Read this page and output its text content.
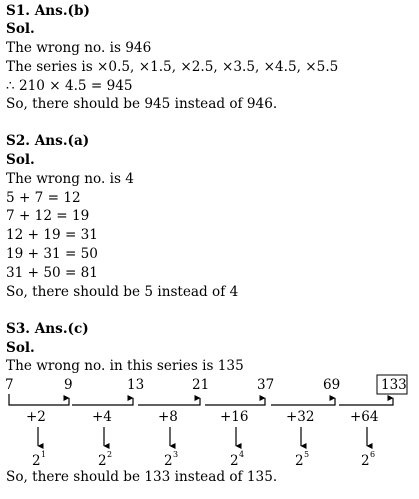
S1. Ans.(b)
Sol.
The wrong no. is 946
The series is ×0.5, ×1.5, ×2.5, ×3.5, ×4.5, ×5.5
∴ 210 × 4.5 = 945
So, there should be 945 instead of 946.
S2. Ans.(a)
Sol.
The wrong no. is 4
5 + 7 = 12
7 + 12 = 19
12 + 19 = 31
19 + 31 = 50
31 + 50 = 81
So, there should be 5 instead of 4
S3. Ans.(c)
Sol.
The wrong no. in this series is 135
7	9	13	21	37	69	133
+2	+4	+8	+16	+32	+64
2 1	2 2	2 3	2 4	2 5	2 6
So, there should be 133 instead of 135.
